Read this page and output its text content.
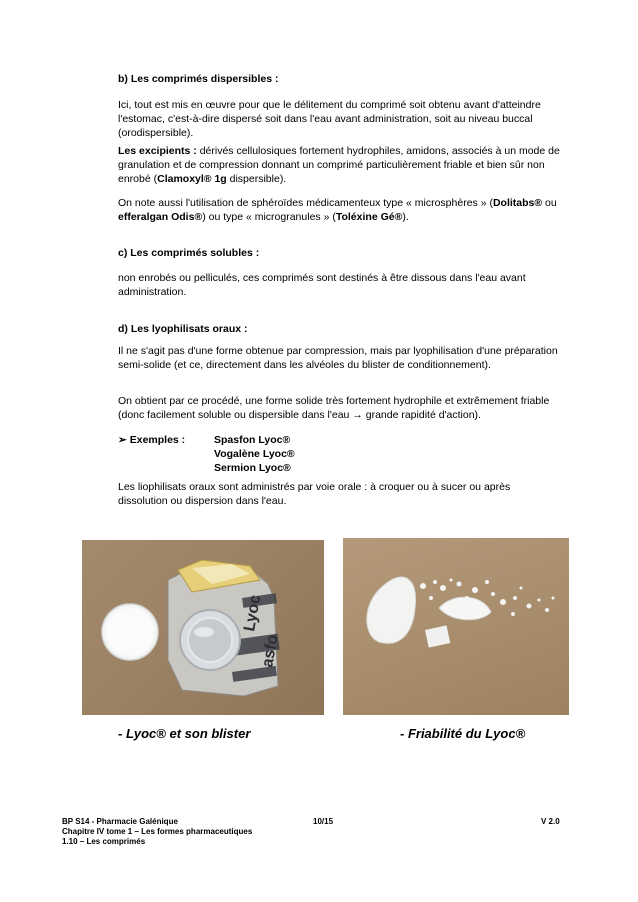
b) Les comprimés dispersibles :

Ici, tout est mis en œuvre pour que le délitement du comprimé soit obtenu avant d'atteindre l'estomac, c'est-à-dire dispersé soit dans l'eau avant administration, soit au niveau buccal (orodispersible).

Les excipients : dérivés cellulosiques fortement hydrophiles, amidons, associés à un mode de granulation et de compression donnant un comprimé particulièrement friable et bien sûr non enrobé (Clamoxyl® 1g dispersible).

On note aussi l'utilisation de sphéroïdes médicamenteux type « microsphères » (Dolitabs® ou efferalgan Odis®) ou type « microgranules » (Toléxine Gé®).

c) Les comprimés solubles :

non enrobés ou pelliculés, ces comprimés sont destinés à être dissous dans l'eau avant administration.

d) Les lyophilisats oraux :

Il ne s'agit pas d'une forme obtenue par compression, mais par lyophilisation d'une préparation semi-solide (et ce, directement dans les alvéoles du blister de conditionnement).

On obtient par ce procédé, une forme solide très fortement hydrophile et extrêmement friable (donc facilement soluble ou dispersible dans l'eau → grande rapidité d'action).

➢ Exemples :	Spasfon Lyoc®
Vogalène Lyoc®
Sermion Lyoc®

Les liophilisats oraux sont administrés par voie orale : à croquer ou à sucer ou après dissolution ou dispersion dans l'eau.

Lyoc
asfo
- Lyoc® et son blister	- Friabilité du Lyoc®
BP S14 - Pharmacie Galénique
Chapitre IV tome 1 – Les formes pharmaceutiques
1.10 – Les comprimés
10/15	V 2.0
